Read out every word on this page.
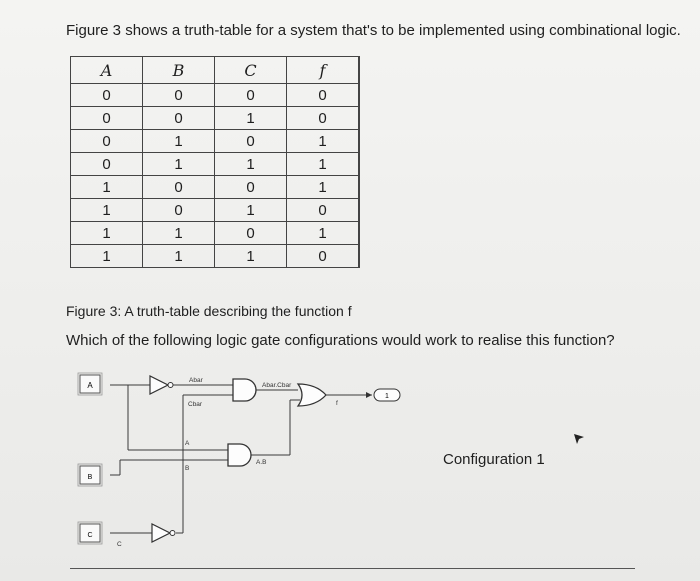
Figure 3 shows a truth-table for a system that's to be implemented using combinational logic.
A	B	C	f
0	0	0	0
0	0	1	0
0	1	0	1
0	1	1	1
1	0	0	1
1	0	1	0
1	1	0	1
1	1	1	0
Figure 3: A truth-table describing the function f
Which of the following logic gate configurations would work to realise this function?
A
B
C
1
Abar
Cbar
A
B
C
Abar.Cbar
A.B
f
Configuration 1
